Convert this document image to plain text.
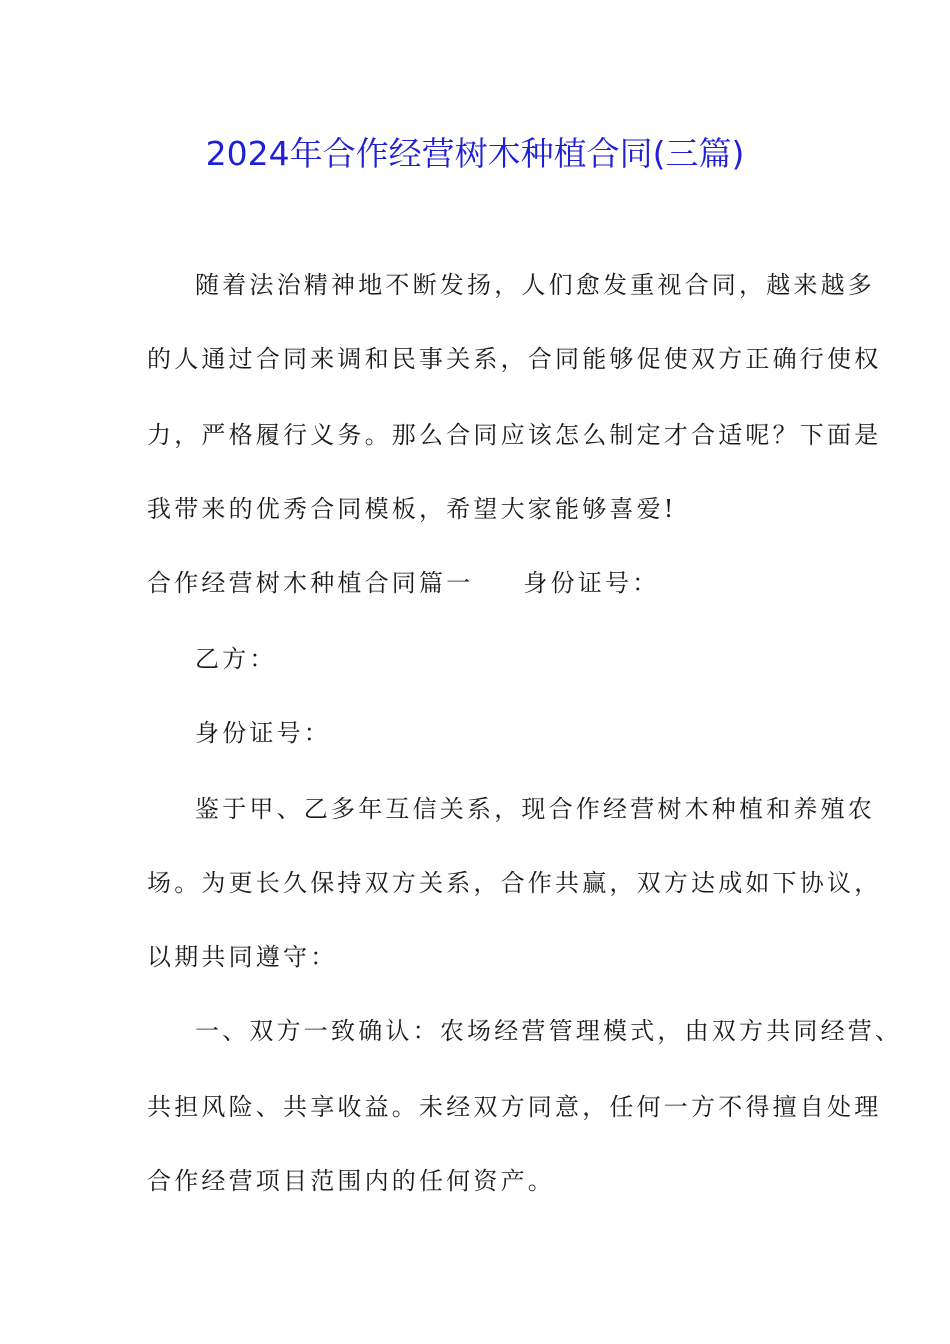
2024年合作经营树木种植合同(三篇)
随着法治精神地不断发扬，人们愈发重视合同，越来越多
的人通过合同来调和民事关系，合同能够促使双方正确行使权
力，严格履行义务。那么合同应该怎么制定才合适呢？下面是
我带来的优秀合同模板，希望大家能够喜爱!
合作经营树木种植合同篇一 身份证号：
乙方：
身份证号：
鉴于甲、乙多年互信关系，现合作经营树木种植和养殖农
场。为更长久保持双方关系，合作共赢，双方达成如下协议，
以期共同遵守：
一、双方一致确认：农场经营管理模式，由双方共同经营、
共担风险、共享收益。未经双方同意，任何一方不得擅自处理
合作经营项目范围内的任何资产。
